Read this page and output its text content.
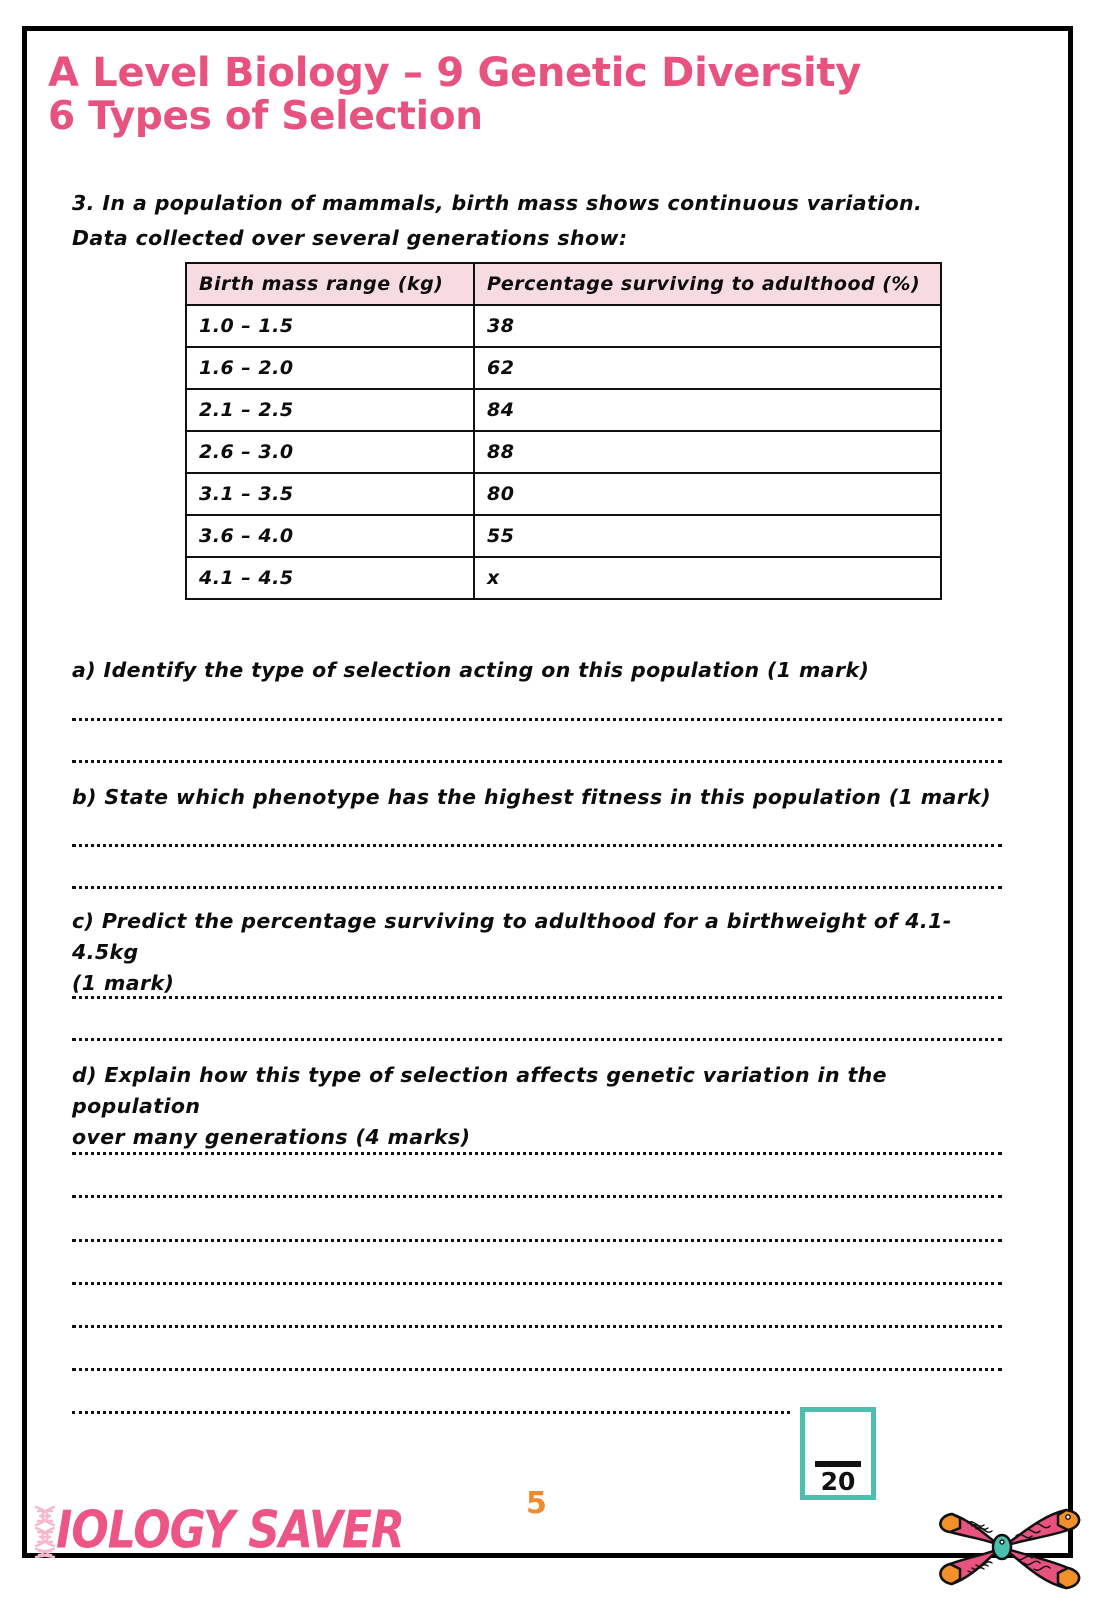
A Level Biology – 9 Genetic Diversity
6 Types of Selection
3. In a population of mammals, birth mass shows continuous variation.
Data collected over several generations show:
Birth mass range (kg)	Percentage surviving to adulthood (%)
1.0 – 1.5	38
1.6 – 2.0	62
2.1 – 2.5	84
2.6 – 3.0	88
3.1 – 3.5	80
3.6 – 4.0	55
4.1 – 4.5	x
a) Identify the type of selection acting on this population (1 mark)
b) State which phenotype has the highest fitness in this population (1 mark)
c) Predict the percentage surviving to adulthood for a birthweight of 4.1-4.5kg
(1 mark)
d) Explain how this type of selection affects genetic variation in the population
over many generations (4 marks)
IOLOGY SAVER	5
20
